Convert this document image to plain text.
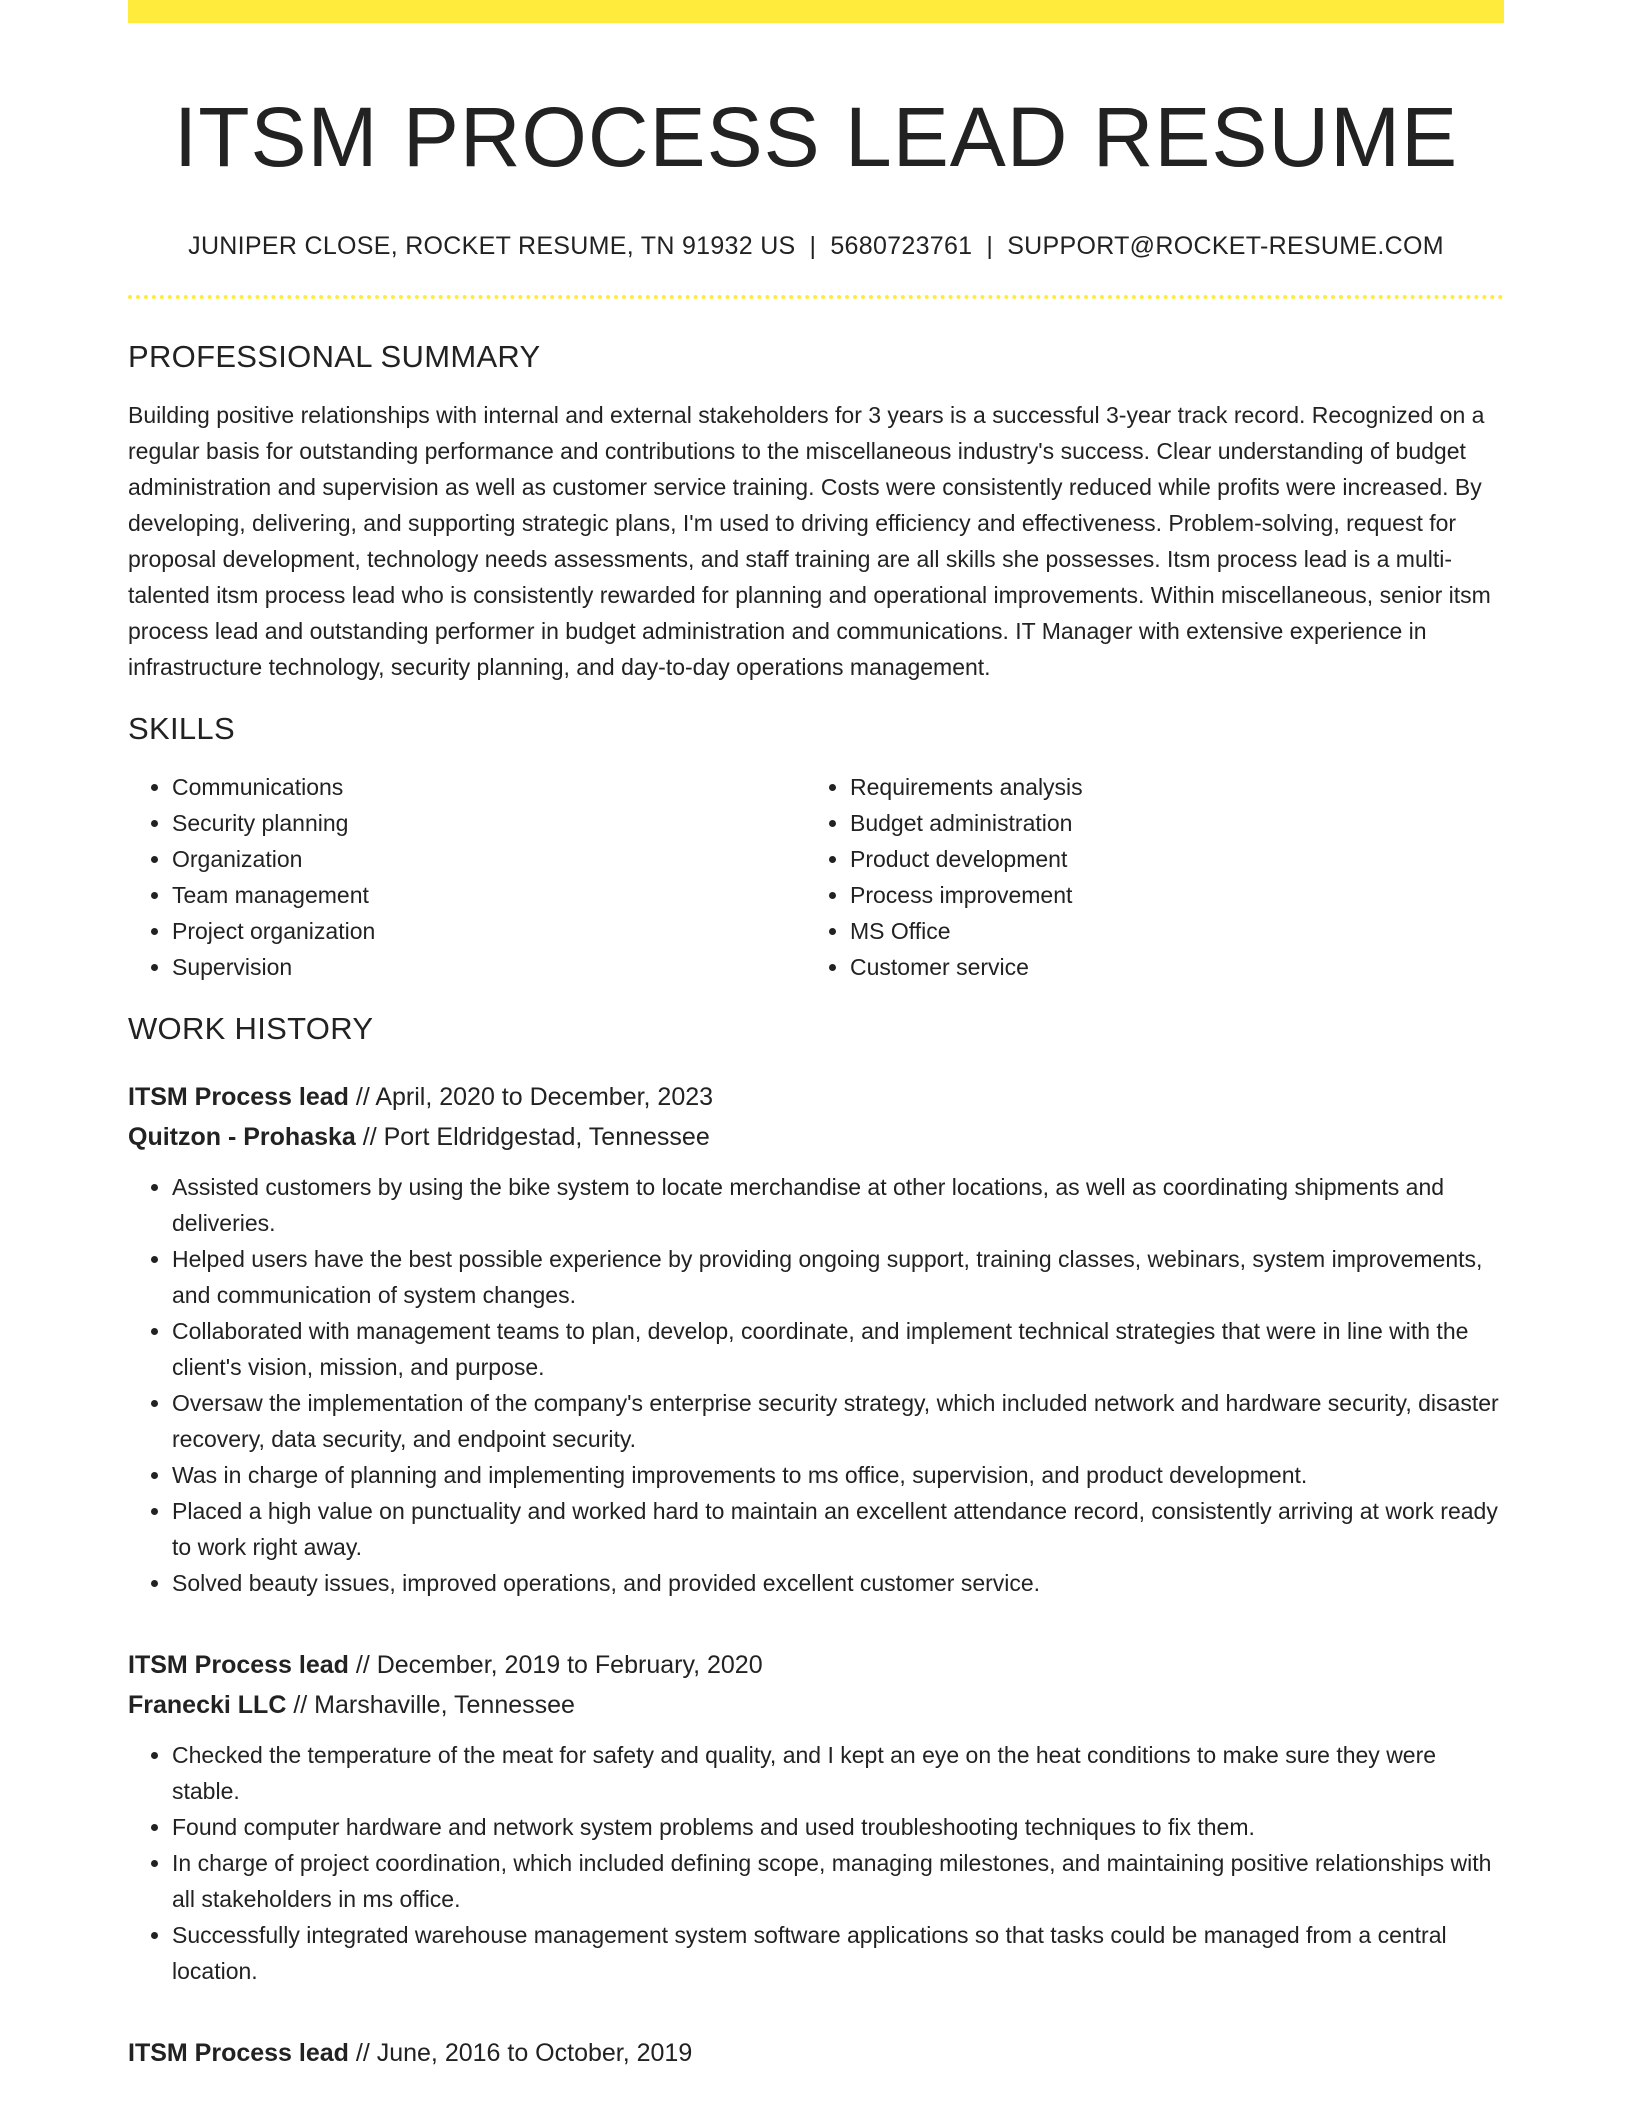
ITSM PROCESS LEAD RESUME
JUNIPER CLOSE, ROCKET RESUME, TN 91932 US | 5680723761 | SUPPORT@ROCKET-RESUME.COM
PROFESSIONAL SUMMARY

Building positive relationships with internal and external stakeholders for 3 years is a successful 3-year track record. Recognized on a regular basis for outstanding performance and contributions to the miscellaneous industry's success. Clear understanding of budget administration and supervision as well as customer service training. Costs were consistently reduced while profits were increased. By developing, delivering, and supporting strategic plans, I'm used to driving efficiency and effectiveness. Problem-solving, request for proposal development, technology needs assessments, and staff training are all skills she possesses. Itsm process lead is a multi-talented itsm process lead who is consistently rewarded for planning and operational improvements. Within miscellaneous, senior itsm process lead and outstanding performer in budget administration and communications. IT Manager with extensive experience in infrastructure technology, security planning, and day-to-day operations management.

SKILLS
• Communications
• Security planning
• Organization
• Team management
• Project organization
• Supervision
• Requirements analysis
• Budget administration
• Product development
• Process improvement
• MS Office
• Customer service
WORK HISTORY
ITSM Process lead // April, 2020 to December, 2023
Quitzon - Prohaska // Port Eldridgestad, Tennessee
• Assisted customers by using the bike system to locate merchandise at other locations, as well as coordinating shipments and deliveries.
• Helped users have the best possible experience by providing ongoing support, training classes, webinars, system improvements, and communication of system changes.
• Collaborated with management teams to plan, develop, coordinate, and implement technical strategies that were in line with the client's vision, mission, and purpose.
• Oversaw the implementation of the company's enterprise security strategy, which included network and hardware security, disaster recovery, data security, and endpoint security.
• Was in charge of planning and implementing improvements to ms office, supervision, and product development.
• Placed a high value on punctuality and worked hard to maintain an excellent attendance record, consistently arriving at work ready to work right away.
• Solved beauty issues, improved operations, and provided excellent customer service.
ITSM Process lead // December, 2019 to February, 2020
Franecki LLC // Marshaville, Tennessee
• Checked the temperature of the meat for safety and quality, and I kept an eye on the heat conditions to make sure they were stable.
• Found computer hardware and network system problems and used troubleshooting techniques to fix them.
• In charge of project coordination, which included defining scope, managing milestones, and maintaining positive relationships with all stakeholders in ms office.
• Successfully integrated warehouse management system software applications so that tasks could be managed from a central location.
ITSM Process lead // June, 2016 to October, 2019
